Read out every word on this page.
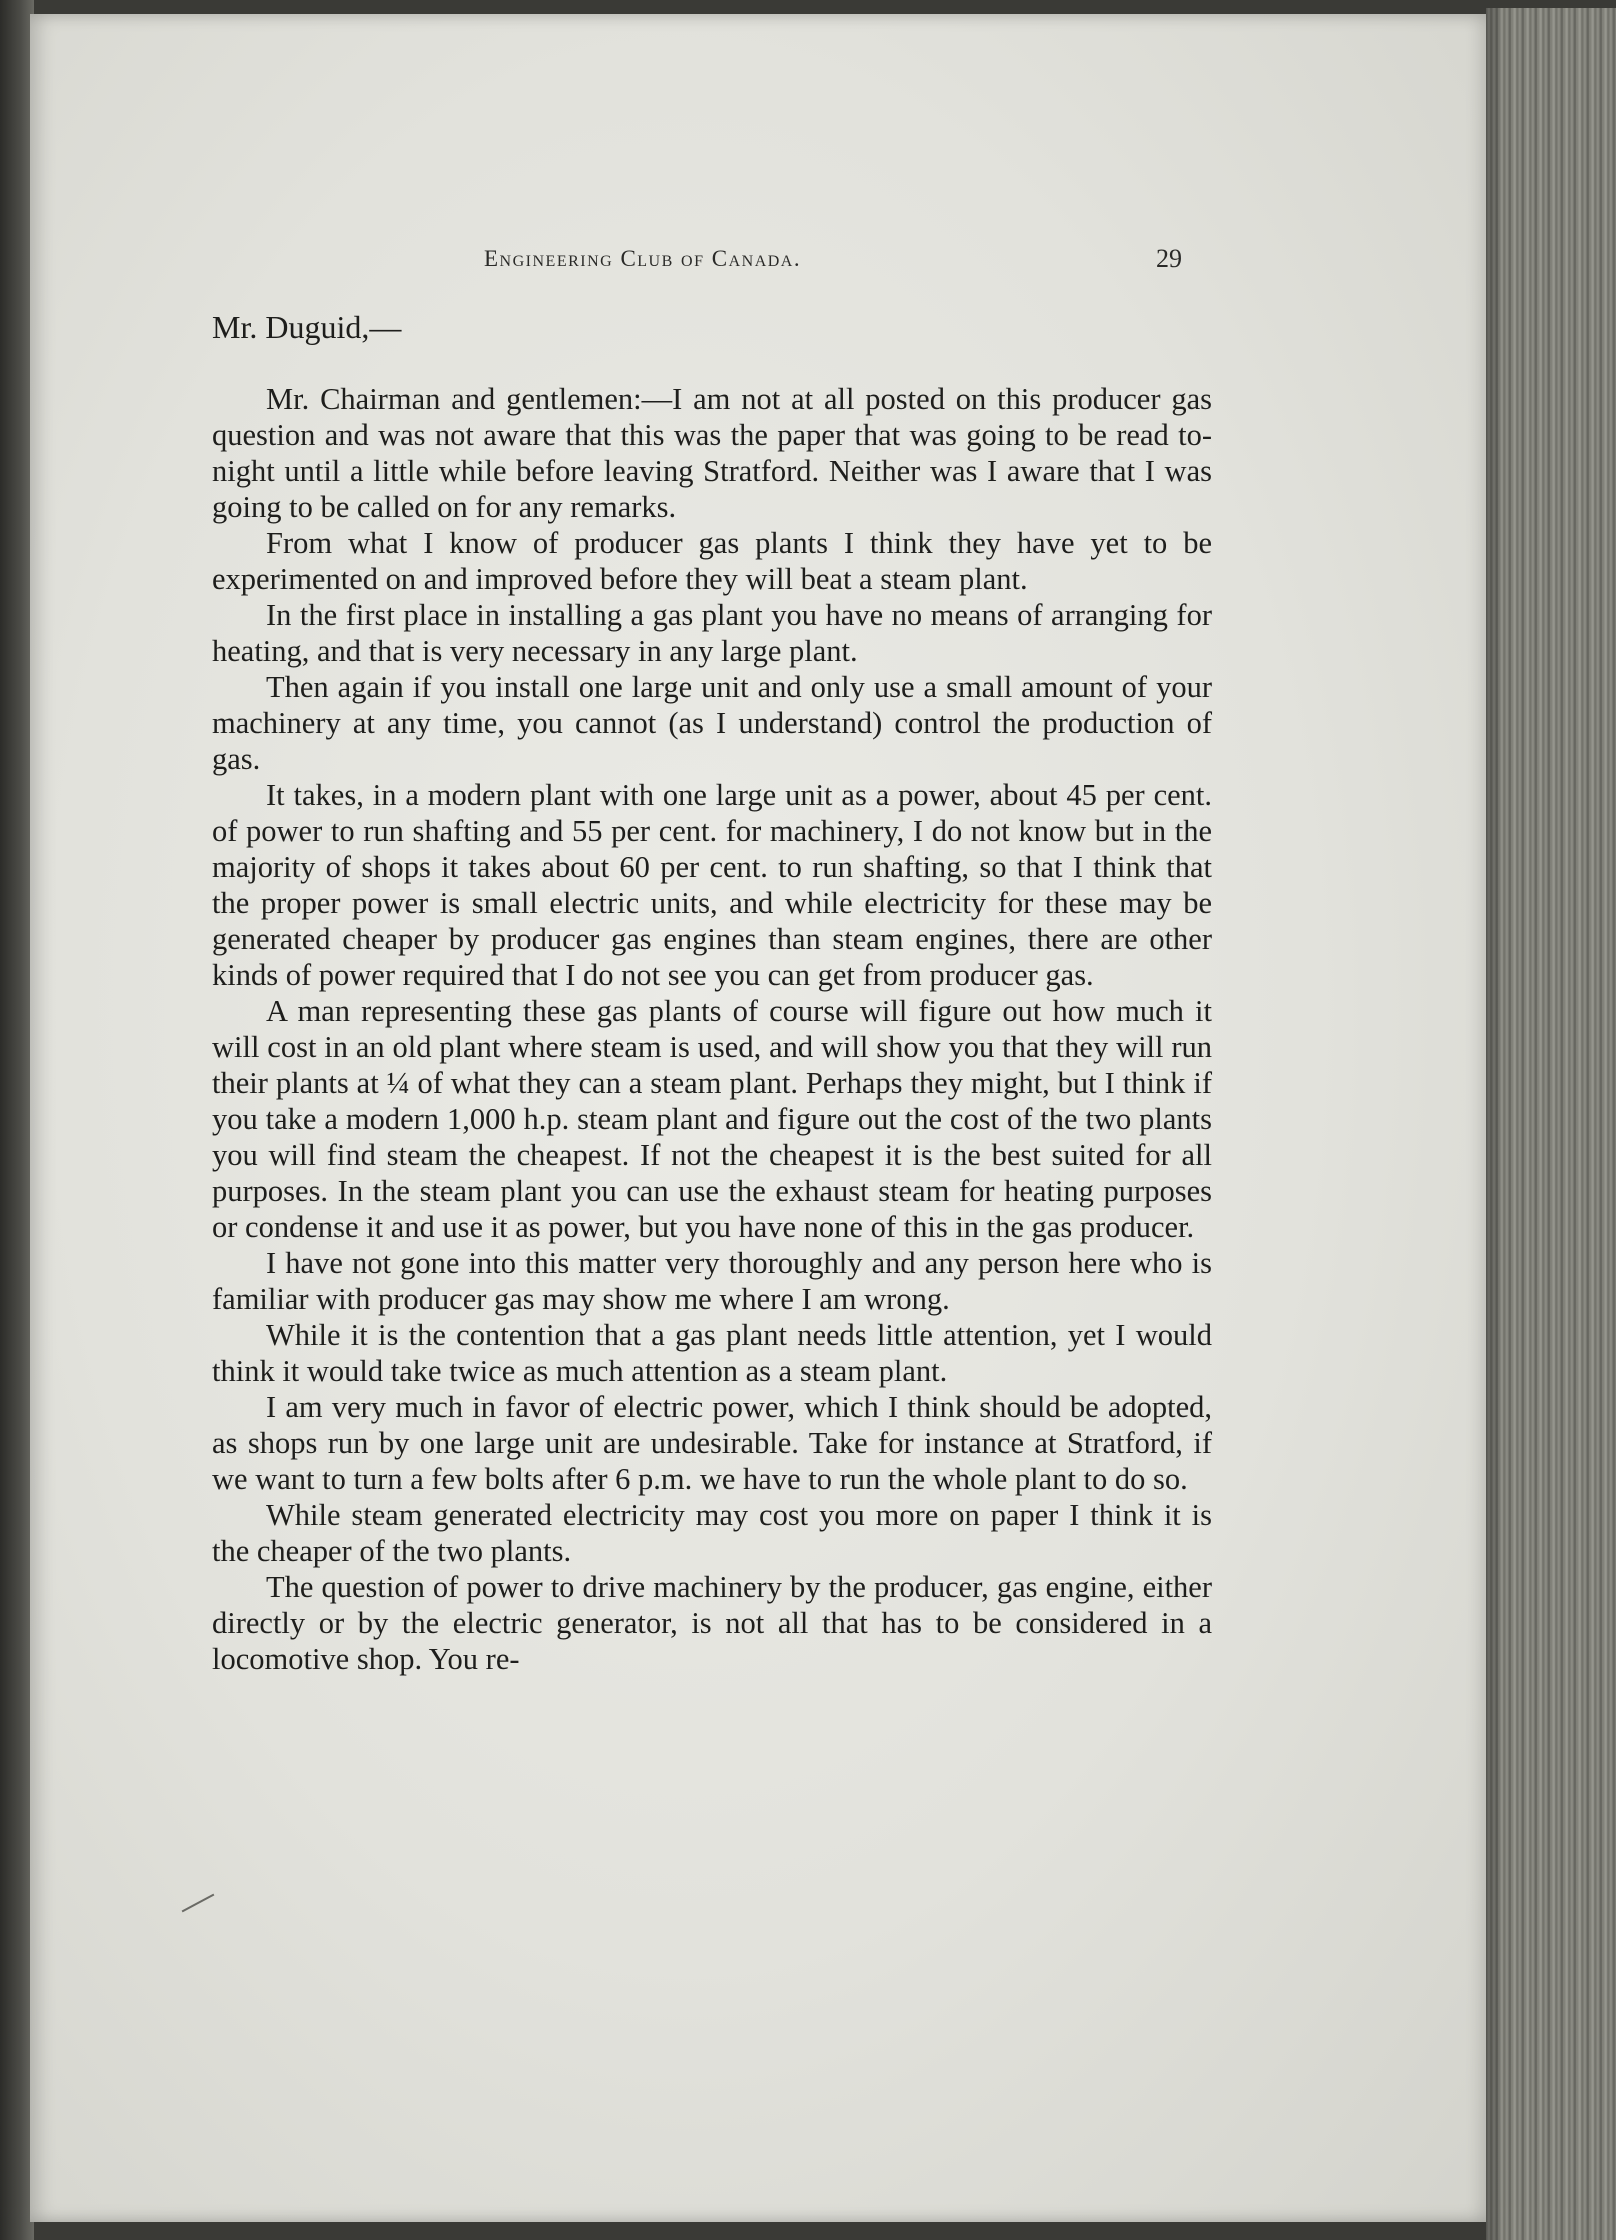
Engineering Club of Canada.	29
Mr. Duguid,—

Mr. Chairman and gentlemen:—I am not at all posted on this producer gas question and was not aware that this was the paper that was going to be read to-night until a little while before leaving Stratford. Neither was I aware that I was going to be called on for any remarks.

From what I know of producer gas plants I think they have yet to be experimented on and improved before they will beat a steam plant.

In the first place in installing a gas plant you have no means of arranging for heating, and that is very necessary in any large plant.

Then again if you install one large unit and only use a small amount of your machinery at any time, you cannot (as I understand) control the production of gas.

It takes, in a modern plant with one large unit as a power, about 45 per cent. of power to run shafting and 55 per cent. for machinery, I do not know but in the majority of shops it takes about 60 per cent. to run shafting, so that I think that the proper power is small electric units, and while electricity for these may be generated cheaper by producer gas engines than steam engines, there are other kinds of power required that I do not see you can get from producer gas.

A man representing these gas plants of course will figure out how much it will cost in an old plant where steam is used, and will show you that they will run their plants at ¼ of what they can a steam plant. Perhaps they might, but I think if you take a modern 1,000 h.p. steam plant and figure out the cost of the two plants you will find steam the cheapest. If not the cheapest it is the best suited for all purposes. In the steam plant you can use the exhaust steam for heating purposes or condense it and use it as power, but you have none of this in the gas producer.

I have not gone into this matter very thoroughly and any person here who is familiar with producer gas may show me where I am wrong.

While it is the contention that a gas plant needs little attention, yet I would think it would take twice as much attention as a steam plant.

I am very much in favor of electric power, which I think should be adopted, as shops run by one large unit are undesirable. Take for instance at Stratford, if we want to turn a few bolts after 6 p.m. we have to run the whole plant to do so.

While steam generated electricity may cost you more on paper I think it is the cheaper of the two plants.

The question of power to drive machinery by the producer, gas engine, either directly or by the electric generator, is not all that has to be considered in a locomotive shop. You re-
